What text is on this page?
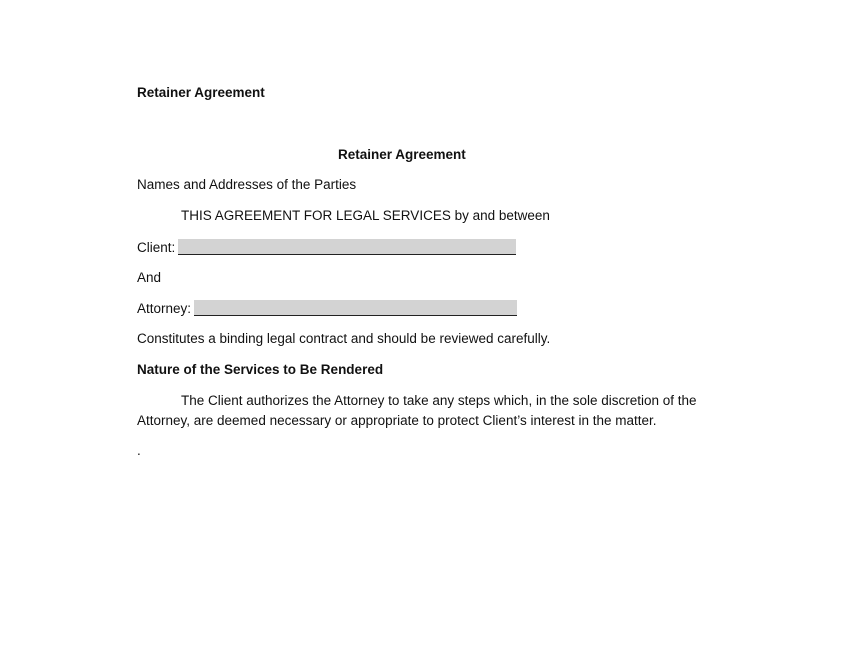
Retainer Agreement
Retainer Agreement
Names and Addresses of the Parties
THIS AGREEMENT FOR LEGAL SERVICES by and between
Client:
And
Attorney:
Constitutes a binding legal contract and should be reviewed carefully.
Nature of the Services to Be Rendered
The Client authorizes the Attorney to take any steps which, in the sole discretion of the
Attorney, are deemed necessary or appropriate to protect Client’s interest in the matter.
.
